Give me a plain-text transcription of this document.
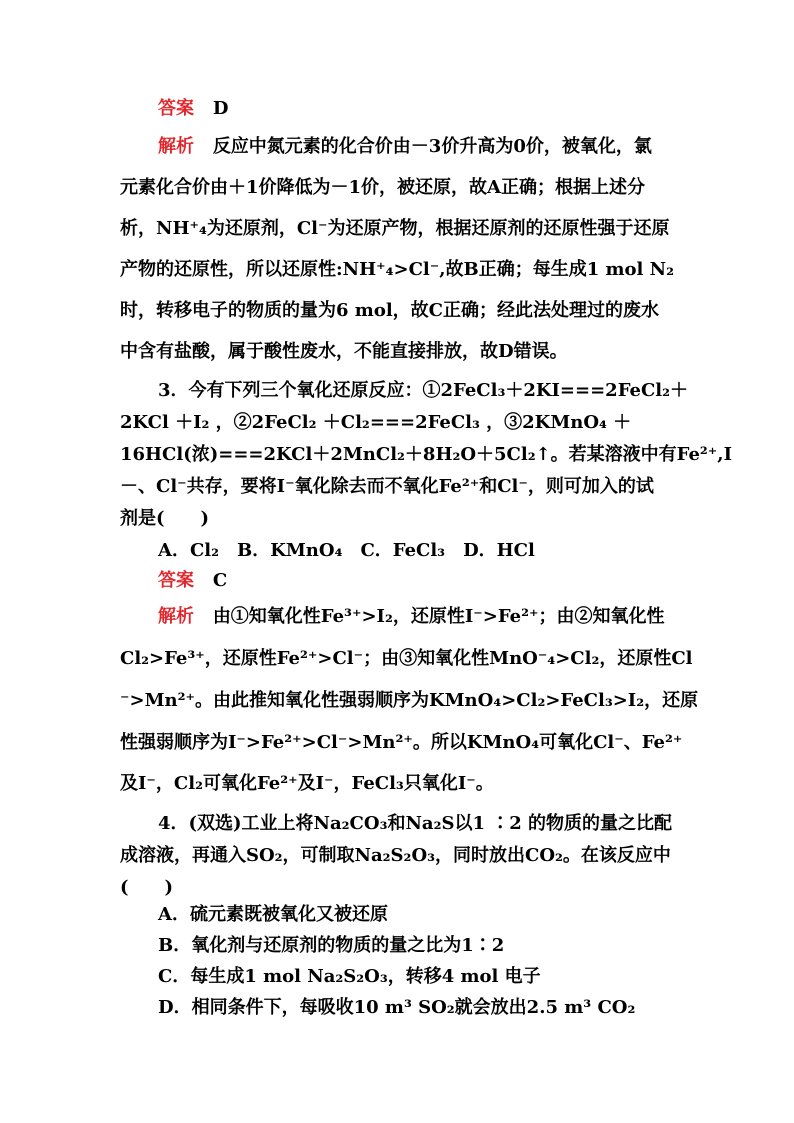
答案 D
解析 反应中氮元素的化合价由－3价升高为0价，被氧化，氯
元素化合价由＋1价降低为－1价，被还原，故A正确；根据上述分
析，NH⁺₄为还原剂，Cl⁻为还原产物，根据还原剂的还原性强于还原
产物的还原性，所以还原性:NH⁺₄>Cl⁻,故B正确；每生成1 mol N₂
时，转移电子的物质的量为6 mol，故C正确；经此法处理过的废水
中含有盐酸，属于酸性废水，不能直接排放，故D错误。
3．今有下列三个氧化还原反应：①2FeCl₃＋2KI===2FeCl₂＋
2KCl ＋I₂ ，②2FeCl₂ ＋Cl₂===2FeCl₃ ，③2KMnO₄ ＋
16HCl(浓)===2KCl＋2MnCl₂＋8H₂O＋5Cl₂↑。若某溶液中有Fe²⁺,I
－、Cl⁻共存，要将I⁻氧化除去而不氧化Fe²⁺和Cl⁻，则可加入的试
剂是(　　)
A．Cl₂　B．KMnO₄　C．FeCl₃　D．HCl
答案 C
解析 由①知氧化性Fe³⁺>I₂，还原性I⁻>Fe²⁺；由②知氧化性
Cl₂>Fe³⁺，还原性Fe²⁺>Cl⁻；由③知氧化性MnO⁻₄>Cl₂，还原性Cl
⁻>Mn²⁺。由此推知氧化性强弱顺序为KMnO₄>Cl₂>FeCl₃>I₂，还原
性强弱顺序为I⁻>Fe²⁺>Cl⁻>Mn²⁺。所以KMnO₄可氧化Cl⁻、Fe²⁺
及I⁻，Cl₂可氧化Fe²⁺及I⁻，FeCl₃只氧化I⁻。
4．(双选)工业上将Na₂CO₃和Na₂S以1 ∶2 的物质的量之比配
成溶液，再通入SO₂，可制取Na₂S₂O₃，同时放出CO₂。在该反应中
(　　)
A．硫元素既被氧化又被还原
B．氧化剂与还原剂的物质的量之比为1∶2
C．每生成1 mol Na₂S₂O₃，转移4 mol 电子
D．相同条件下，每吸收10 m³ SO₂就会放出2.5 m³ CO₂
